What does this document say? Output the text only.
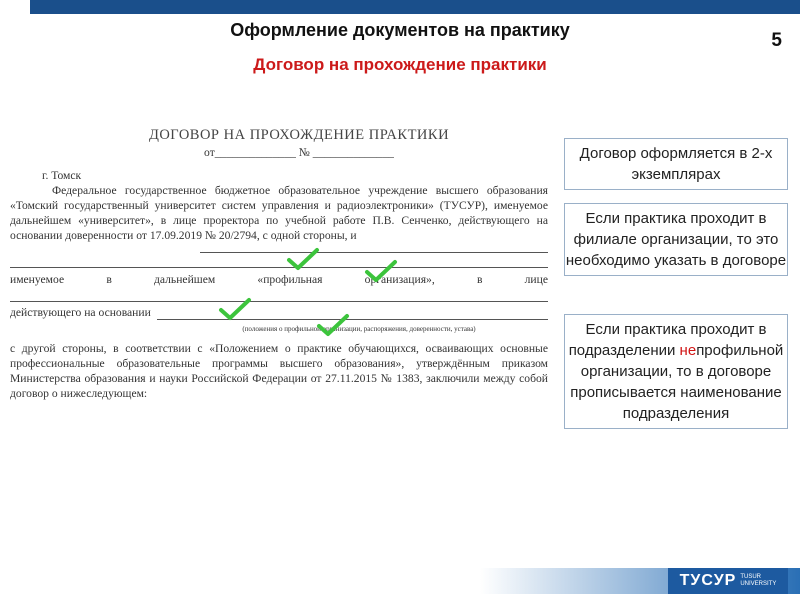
Оформление документов на практику
Договор на прохождение практики
5
ДОГОВОР НА ПРОХОЖДЕНИЕ ПРАКТИКИ
от______________ № ______________
г. Томск
Федеральное государственное бюджетное образовательное учреждение высшего образования «Томский государственный университет систем управления и радиоэлектроники» (ТУСУР), именуемое дальнейшем «университет», в лице проректора по учебной работе П.В. Сенченко, действующего на основании доверенности от 17.09.2019 № 20/2794, с одной стороны, и
именуемое	в	дальнейшем	«профильная	организация»,	в	лице
действующего на основании
(положения о профильной организации, распоряжения, доверенности, устава)
с другой стороны, в соответствии с «Положением о практике обучающихся, осваивающих основные профессиональные образовательные программы высшего образования», утверждённым приказом Министерства образования и науки Российской Федерации от 27.11.2015 № 1383, заключили между собой договор о нижеследующем:
Договор оформляется в 2-х экземплярах
Если практика проходит в филиале организации, то это необходимо указать в договоре
Если практика проходит в подразделении непрофильной организации, то в договоре прописывается наименование подразделения
ТУСУР TUSUR
UNIVERSITY
